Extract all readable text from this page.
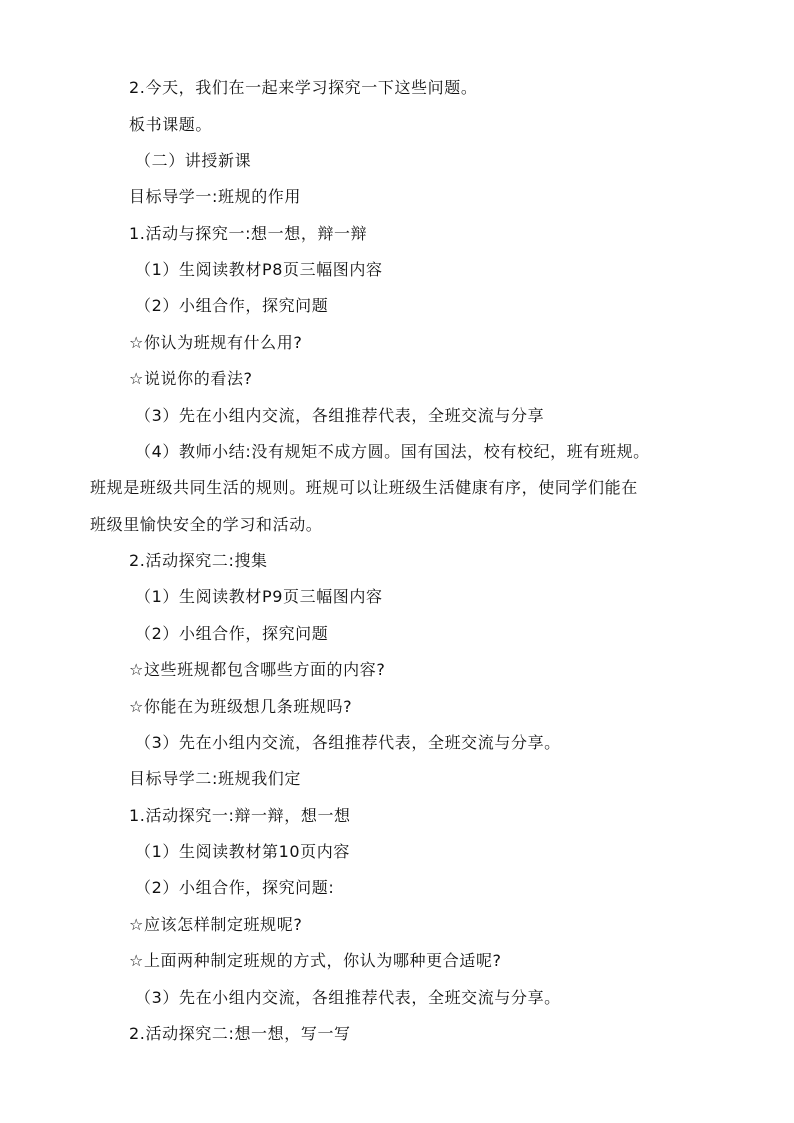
2.今天，我们在一起来学习探究一下这些问题。
板书课题。
（二）讲授新课
目标导学一:班规的作用
1.活动与探究一:想一想，辩一辩
（1）生阅读教材P8页三幅图内容
（2）小组合作，探究问题
☆你认为班规有什么用?
☆说说你的看法?
（3）先在小组内交流，各组推荐代表，全班交流与分享
（4）教师小结:没有规矩不成方圆。国有国法，校有校纪，班有班规。
班规是班级共同生活的规则。班规可以让班级生活健康有序，使同学们能在
班级里愉快安全的学习和活动。
2.活动探究二:搜集
（1）生阅读教材P9页三幅图内容
（2）小组合作，探究问题
☆这些班规都包含哪些方面的内容?
☆你能在为班级想几条班规吗?
（3）先在小组内交流，各组推荐代表，全班交流与分享。
目标导学二:班规我们定
1.活动探究一:辩一辩，想一想
（1）生阅读教材第10页内容
（2）小组合作，探究问题:
☆应该怎样制定班规呢?
☆上面两种制定班规的方式，你认为哪种更合适呢?
（3）先在小组内交流，各组推荐代表，全班交流与分享。
2.活动探究二:想一想，写一写
